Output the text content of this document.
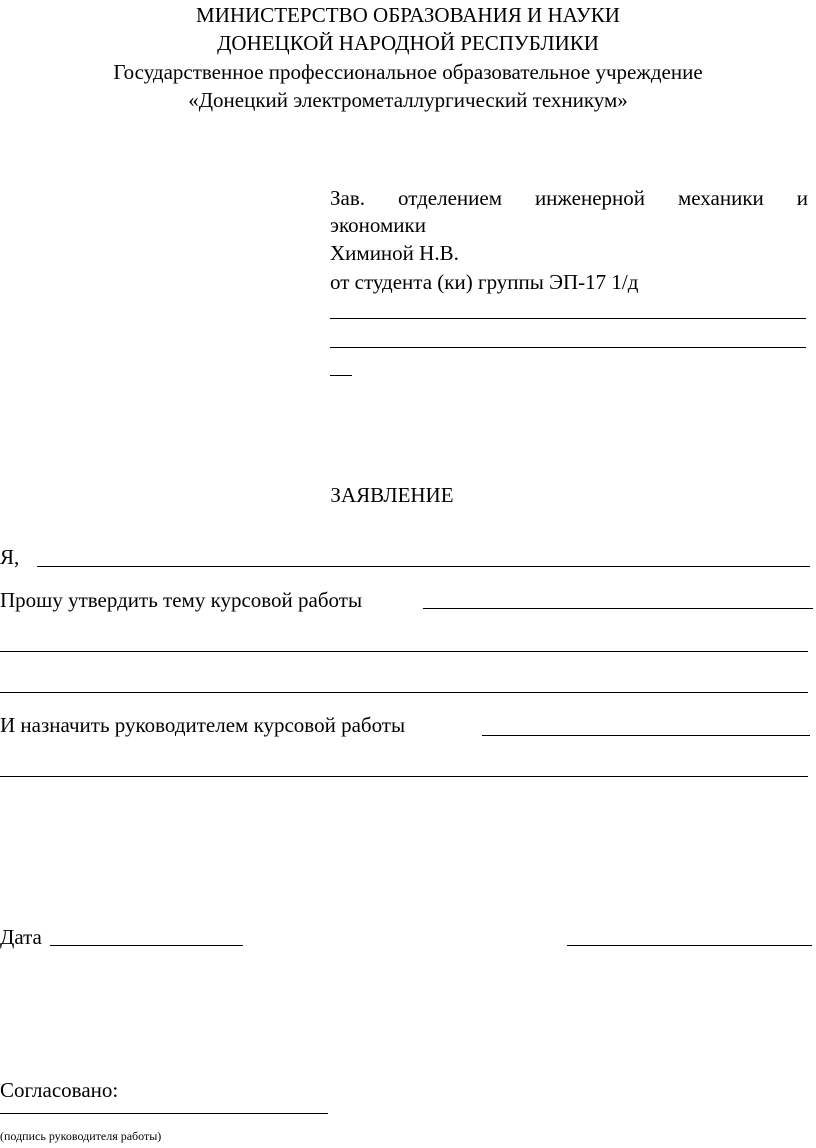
МИНИСТЕРСТВО ОБРАЗОВАНИЯ И НАУКИ
ДОНЕЦКОЙ НАРОДНОЙ РЕСПУБЛИКИ
Государственное профессиональное образовательное учреждение
«Донецкий электрометаллургический техникум»
Зав. отделением инженерной механики и
экономики
Химиной Н.В.
от студента (ки) группы ЭП-17 1/д
ЗАЯВЛЕНИЕ
Я,
Прошу утвердить тему курсовой работы
И назначить руководителем курсовой работы
Дата
Согласовано:
(подпись руководителя работы)
